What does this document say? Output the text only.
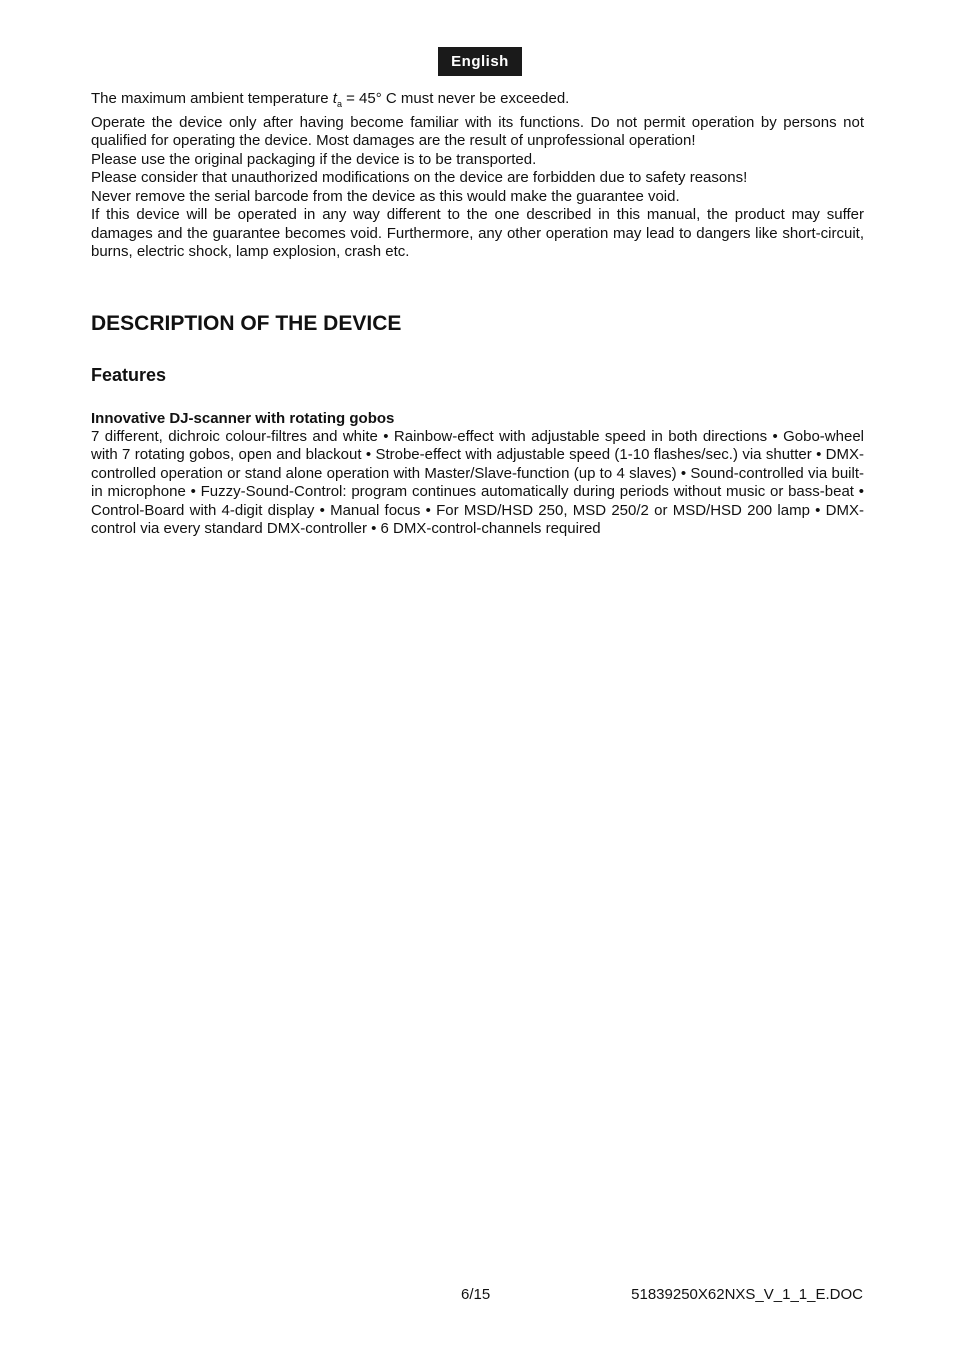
English

The maximum ambient temperature $t_a = 45^\circ$ C must never be exceeded.

Operate the device only after having become familiar with its functions. Do not permit operation by persons not qualified for operating the device. Most damages are the result of unprofessional operation!

Please use the original packaging if the device is to be transported.

Please consider that unauthorized modifications on the device are forbidden due to safety reasons!

Never remove the serial barcode from the device as this would make the guarantee void.

If this device will be operated in any way different to the one described in this manual, the product may suffer damages and the guarantee becomes void. Furthermore, any other operation may lead to dangers like short-circuit, burns, electric shock, lamp explosion, crash etc.

DESCRIPTION OF THE DEVICE
Features
Innovative DJ-scanner with rotating gobos

7 different, dichroic colour-filtres and white • Rainbow-effect with adjustable speed in both directions • Gobo-wheel with 7 rotating gobos, open and blackout • Strobe-effect with adjustable speed (1-10 flashes/sec.) via shutter • DMX-controlled operation or stand alone operation with Master/Slave-function (up to 4 slaves) • Sound-controlled via built-in microphone • Fuzzy-Sound-Control: program continues automatically during periods without music or bass-beat • Control-Board with 4-digit display • Manual focus • For MSD/HSD 250, MSD 250/2 or MSD/HSD 200 lamp • DMX-control via every standard DMX-controller • 6 DMX-control-channels required

6/15	51839250X62NXS_V_1_1_E.DOC
